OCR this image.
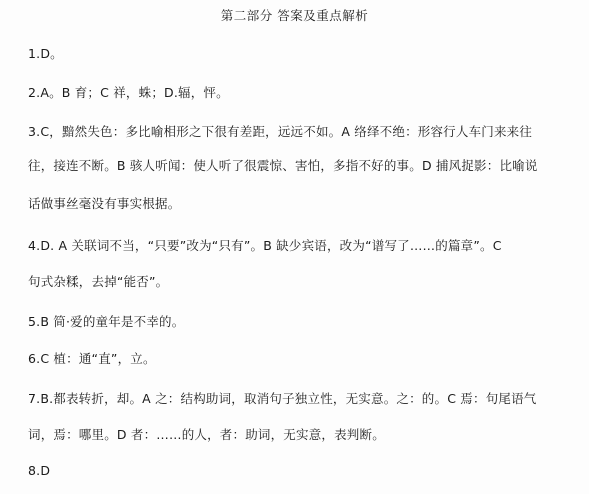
第二部分 答案及重点解析
1.D。
2.A。B 育；C 祥，蛛；D.辐，怦。
3.C，黯然失色：多比喻相形之下很有差距，远远不如。A 络绎不绝：形容行人车门来来往
往，接连不断。B 骇人听闻：使人听了很震惊、害怕，多指不好的事。D 捕风捉影：比喻说
话做事丝毫没有事实根据。
4.D. A 关联词不当，“只要”改为“只有”。B 缺少宾语，改为“谱写了……的篇章”。C
句式杂糅，去掉“能否”。
5.B 简·爱的童年是不幸的。
6.C 植：通“直”，立。
7.B.都表转折，却。A 之：结构助词，取消句子独立性，无实意。之：的。C 焉：句尾语气
词，焉：哪里。D 者：……的人，者：助词，无实意，表判断。
8.D
